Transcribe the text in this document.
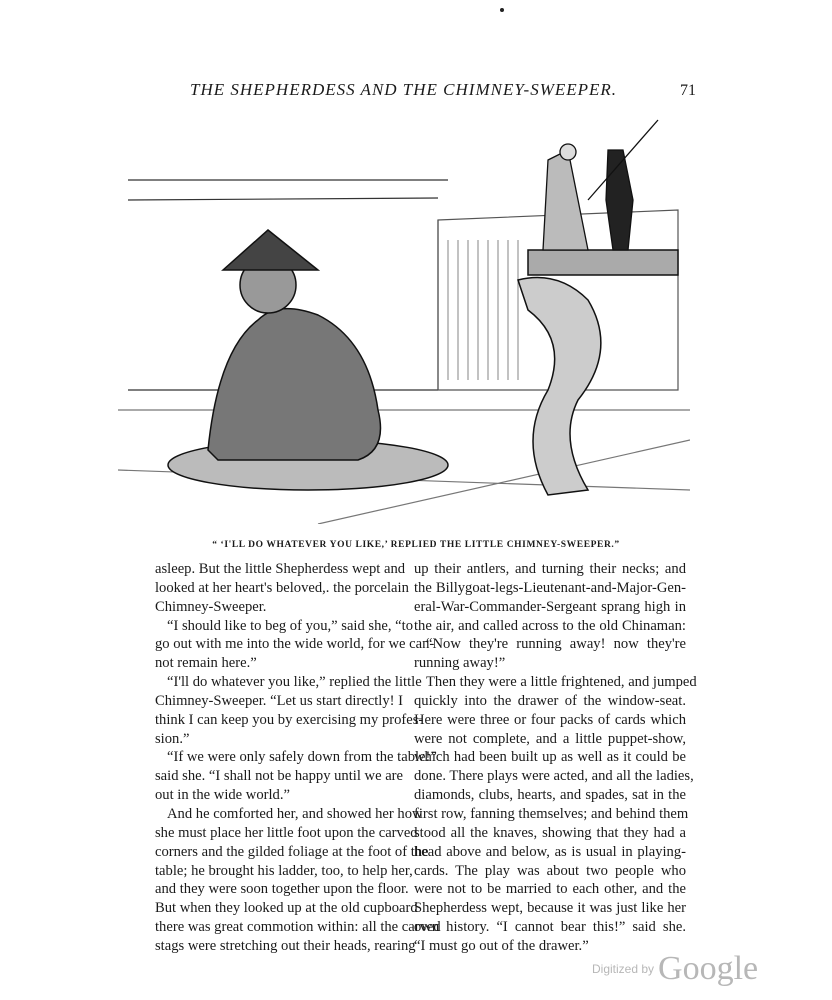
THE SHEPHERDESS AND THE CHIMNEY-SWEEPER.	71
“ ‘I'LL DO WHATEVER YOU LIKE,’ REPLIED THE LITTLE CHIMNEY-SWEEPER.”
asleep. But the little Shepherdess wept and
looked at her heart's beloved,. the porcelain
Chimney-Sweeper.
“I should like to beg of you,” said she, “to
go out with me into the wide world, for we can-
not remain here.”
“I'll do whatever you like,” replied the little
Chimney-Sweeper. “Let us start directly! I
think I can keep you by exercising my profes-
sion.”
“If we were only safely down from the table!”
said she. “I shall not be happy until we are
out in the wide world.”
And he comforted her, and showed her how
she must place her little foot upon the carved
corners and the gilded foliage at the foot of the
table; he brought his ladder, too, to help her,
and they were soon together upon the floor.
But when they looked up at the old cupboard
there was great commotion within: all the carved
stags were stretching out their heads, rearing
up their antlers, and turning their necks; and
the Billygoat-legs-Lieutenant-and-Major-Gen-
eral-War-Commander-Sergeant sprang high in
the air, and called across to the old Chinaman:
“Now they're running away! now they're
running away!”
Then they were a little frightened, and jumped
quickly into the drawer of the window-seat.
Here were three or four packs of cards which
were not complete, and a little puppet-show,
which had been built up as well as it could be
done. There plays were acted, and all the ladies,
diamonds, clubs, hearts, and spades, sat in the
first row, fanning themselves; and behind them
stood all the knaves, showing that they had a
head above and below, as is usual in playing-
cards. The play was about two people who
were not to be married to each other, and the
Shepherdess wept, because it was just like her
own history. “I cannot bear this!” said she.
“I must go out of the drawer.”
Digitized by Google
